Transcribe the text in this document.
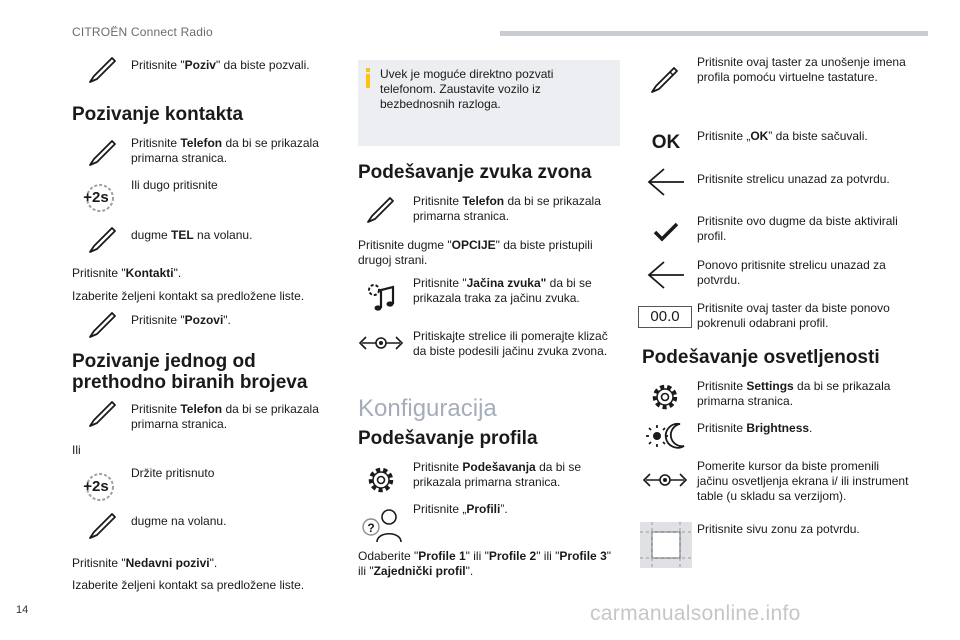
CITROËN Connect Radio
Pritisnite "Poziv" da biste pozvali.
Pozivanje kontakta
Pritisnite Telefon da bi se prikazala primarna stranica.
+2s
Ili dugo pritisnite
dugme TEL na volanu.
Pritisnite "Kontakti".
Izaberite željeni kontakt sa predložene liste.
Pritisnite "Pozovi".
Pozivanje jednog od prethodno biranih brojeva
Pritisnite Telefon da bi se prikazala primarna stranica.
Ili
+2s
Držite pritisnuto
dugme na volanu.
Pritisnite "Nedavni pozivi".
Izaberite željeni kontakt sa predložene liste.
Uvek je moguće direktno pozvati telefonom. Zaustavite vozilo iz bezbednosnih razloga.
Podešavanje zvuka zvona
Pritisnite Telefon da bi se prikazala primarna stranica.
Pritisnite dugme "OPCIJE" da biste pristupili drugoj strani.
Pritisnite "Jačina zvuka" da bi se prikazala traka za jačinu zvuka.
Pritiskajte strelice ili pomerajte klizač da biste podesili jačinu zvuka zvona.
Konfiguracija
Podešavanje profila
Pritisnite Podešavanja da bi se prikazala primarna stranica.
?
Pritisnite „Profili”.
Odaberite "Profile 1" ili "Profile 2" ili "Profile 3" ili "Zajednički profil".
Pritisnite ovaj taster za unošenje imena profila pomoću virtuelne tastature.
OK	Pritisnite „OK” da biste sačuvali.
Pritisnite strelicu unazad za potvrdu.
Pritisnite ovo dugme da biste aktivirali profil.
Ponovo pritisnite strelicu unazad za potvrdu.
00.0	Pritisnite ovaj taster da biste ponovo pokrenuli odabrani profil.
Podešavanje osvetljenosti
Pritisnite Settings da bi se prikazala primarna stranica.
Pritisnite Brightness.
Pomerite kursor da biste promenili jačinu osvetljenja ekrana i/ ili instrument table (u skladu sa verzijom).
Pritisnite sivu zonu za potvrdu.
14	carmanualsonline.info
